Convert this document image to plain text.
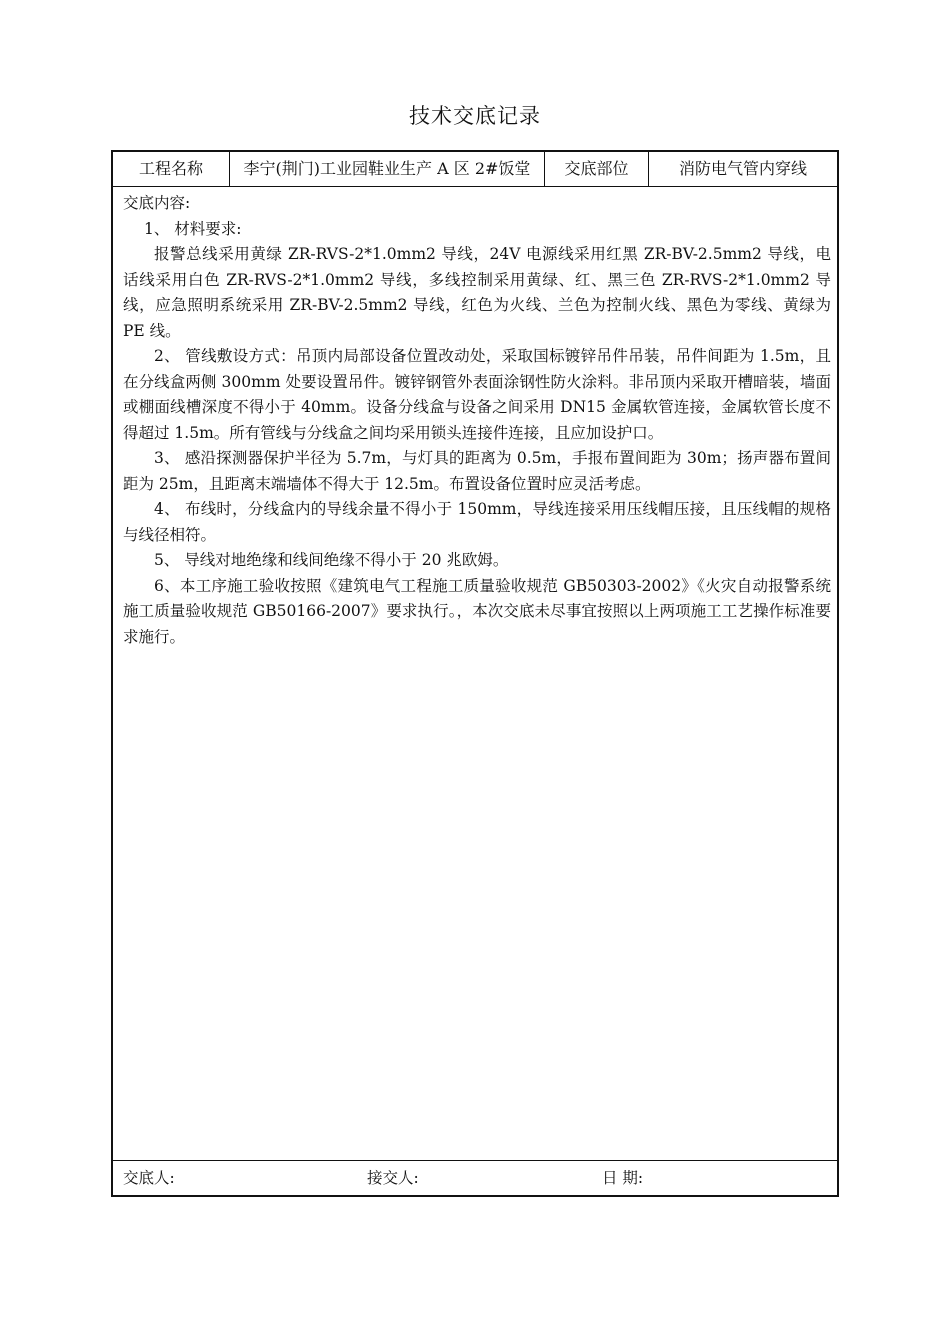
技术交底记录
工程名称	李宁(荆门)工业园鞋业生产 A 区 2#饭堂	交底部位	消防电气管内穿线

交底内容:

1、 材料要求:

报警总线采用黄绿 ZR-RVS-2*1.0mm2 导线，24V 电源线采用红黑 ZR-BV-2.5mm2 导线，电话线采用白色 ZR-RVS-2*1.0mm2 导线，多线控制采用黄绿、红、黑三色 ZR-RVS-2*1.0mm2 导线，应急照明系统采用 ZR-BV-2.5mm2 导线，红色为火线、兰色为控制火线、黑色为零线、黄绿为 PE 线。

2、 管线敷设方式：吊顶内局部设备位置改动处，采取国标镀锌吊件吊装，吊件间距为 1.5m，且在分线盒两侧 300mm 处要设置吊件。镀锌钢管外表面涂钢性防火涂料。非吊顶内采取开槽暗装，墙面或棚面线槽深度不得小于 40mm。设备分线盒与设备之间采用 DN15 金属软管连接，金属软管长度不得超过 1.5m。所有管线与分线盒之间均采用锁头连接件连接，且应加设护口。

3、 感沿探测器保护半径为 5.7m，与灯具的距离为 0.5m，手报布置间距为 30m；扬声器布置间距为 25m，且距离末端墙体不得大于 12.5m。布置设备位置时应灵活考虑。

4、 布线时，分线盒内的导线余量不得小于 150mm，导线连接采用压线帽压接，且压线帽的规格与线径相符。

5、 导线对地绝缘和线间绝缘不得小于 20 兆欧姆。

6、本工序施工验收按照《建筑电气工程施工质量验收规范 GB50303-2002》《火灾自动报警系统施工质量验收规范 GB50166-2007》要求执行。，本次交底未尽事宜按照以上两项施工工艺操作标准要求施行。

交底人:	接交人:	日 期:
